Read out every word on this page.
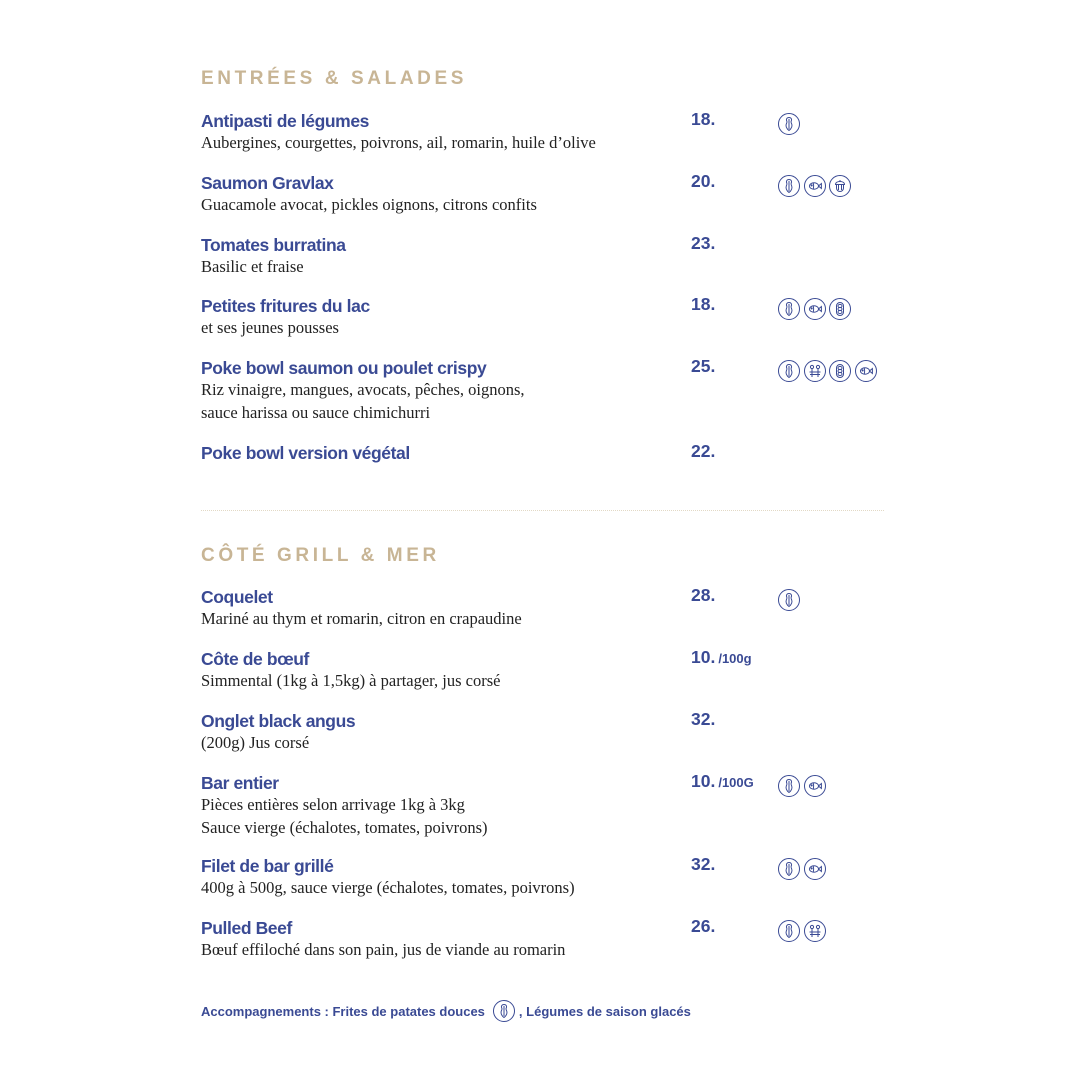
ENTRÉES & SALADES
Antipasti de légumes
Aubergines, courgettes, poivrons, ail, romarin, huile d’olive
18.
Saumon Gravlax
Guacamole avocat, pickles oignons, citrons confits
20.
Tomates burratina
Basilic et fraise
23.
Petites fritures du lac
et ses jeunes pousses
18.
Poke bowl saumon ou poulet crispy
Riz vinaigre, mangues, avocats, pêches, oignons,
sauce harissa ou sauce chimichurri
25.
Poke bowl version végétal	22.
CÔTÉ GRILL & MER
Coquelet
Mariné au thym et romarin, citron en crapaudine
28.
Côte de bœuf
Simmental (1kg à 1,5kg) à partager, jus corsé
10. /100g
Onglet black angus
(200g) Jus corsé
32.
Bar entier
Pièces entières selon arrivage 1kg à 3kg
Sauce vierge (échalotes, tomates, poivrons)
10. /100G
Filet de bar grillé
400g à 500g, sauce vierge (échalotes, tomates, poivrons)
32.
Pulled Beef
Bœuf effiloché dans son pain, jus de viande au romarin
26.
Accompagnements : Frites de patates douces	, Légumes de saison glacés
